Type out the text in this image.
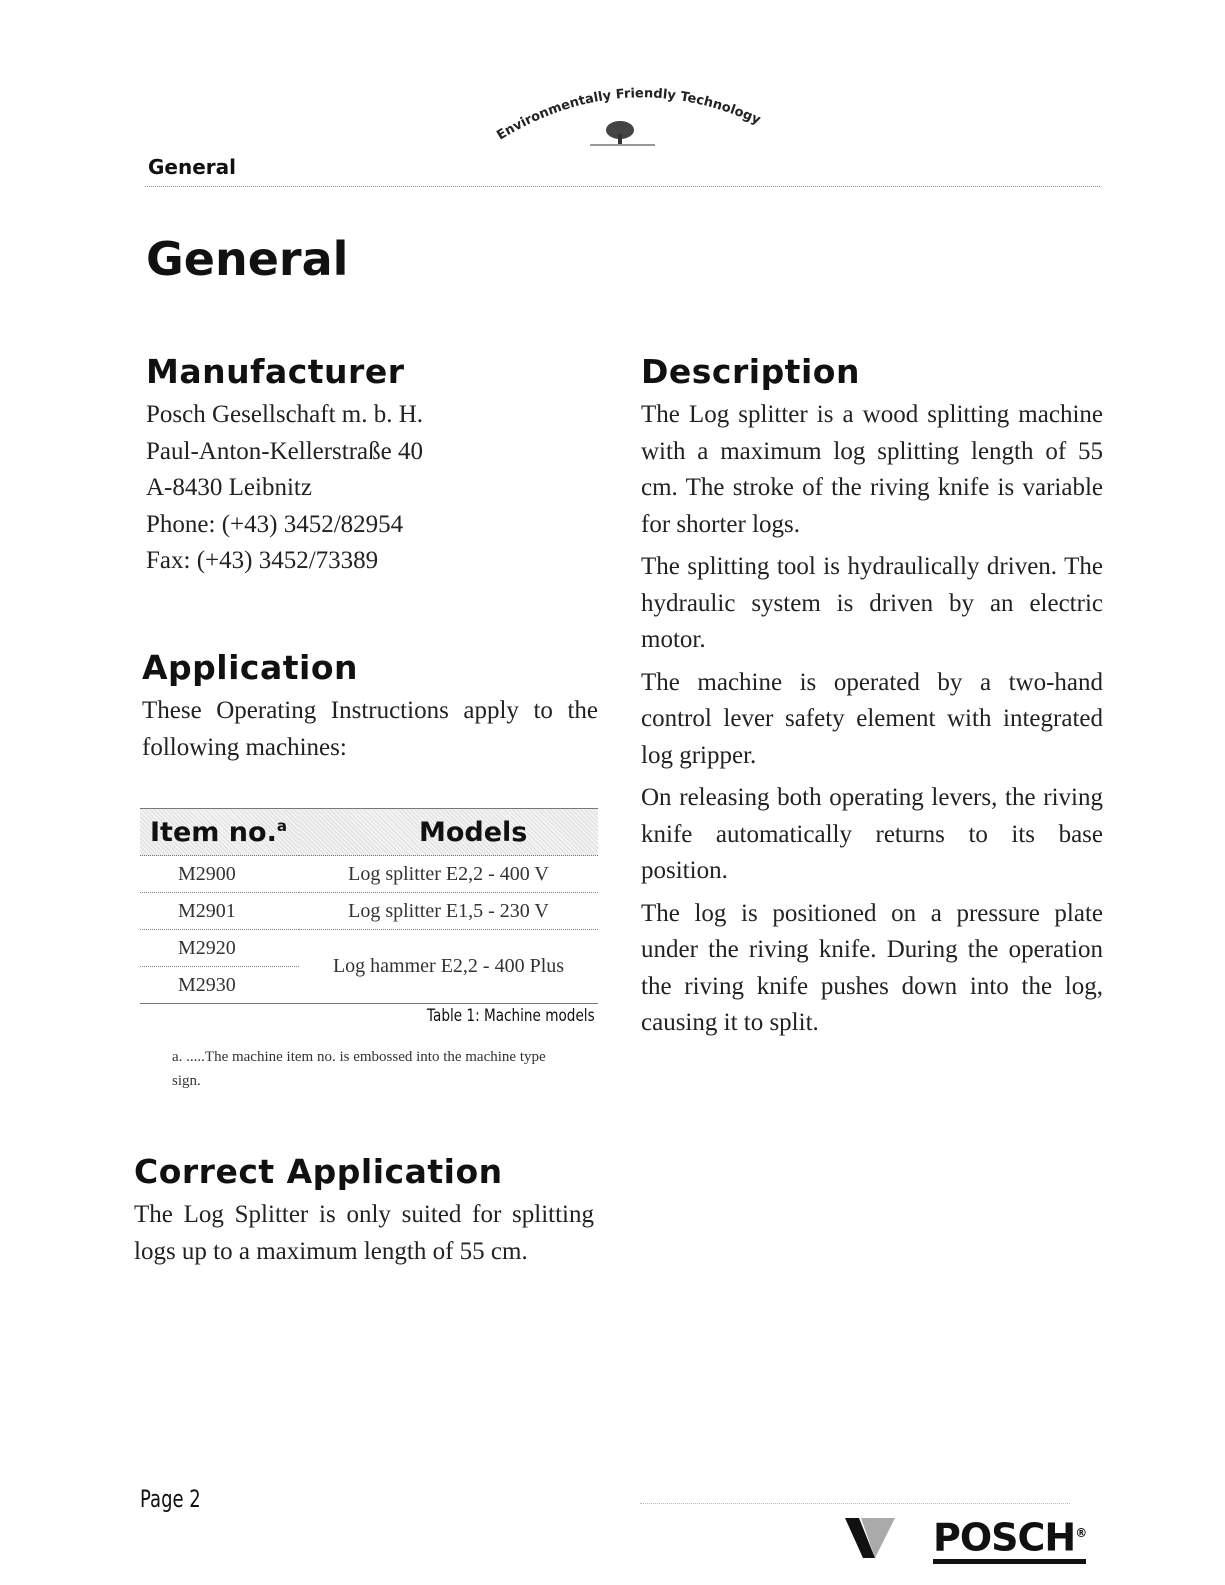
Environmentally Friendly Technology
General
General
Manufacturer
Posch Gesellschaft m. b. H.
Paul-Anton-Kellerstraße 40
A-8430 Leibnitz
Phone: (+43) 3452/82954
Fax: (+43) 3452/73389
Application
These Operating Instructions apply to the following machines:
Item no.$^a$	Models
M2900	Log splitter E2,2 - 400 V
M2901	Log splitter E1,5 - 230 V
M2920	Log hammer E2,2 - 400 Plus
M2930	
Table 1: Machine models
a. .....The machine item no. is embossed into the machine type sign.
Correct Application
The Log Splitter is only suited for splitting logs up to a maximum length of 55 cm.
Description

The Log splitter is a wood splitting machine with a maximum log splitting length of 55 cm. The stroke of the riving knife is variable for shorter logs.

The splitting tool is hydraulically driven. The hydraulic system is driven by an electric motor.

The machine is operated by a two-hand control lever safety element with integrated log gripper.

On releasing both operating levers, the riving knife automatically returns to its base position.

The log is positioned on a pressure plate under the riving knife. During the operation the riving knife pushes down into the log, causing it to split.

Page 2
POSCH®
